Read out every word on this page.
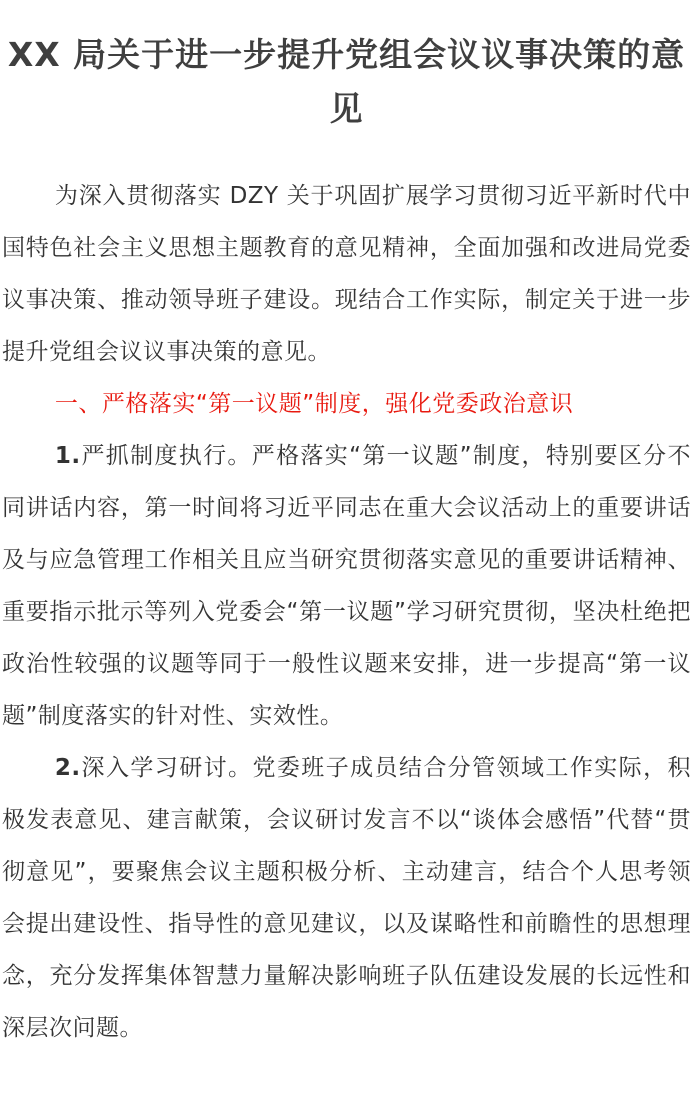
XX 局关于进一步提升党组会议议事决策的意见

为深入贯彻落实 DZY 关于巩固扩展学习贯彻习近平新时代中国特色社会主义思想主题教育的意见精神，全面加强和改进局党委议事决策、推动领导班子建设。现结合工作实际，制定关于进一步提升党组会议议事决策的意见。

一、严格落实“第一议题”制度，强化党委政治意识

1.严抓制度执行。严格落实“第一议题”制度，特别要区分不同讲话内容，第一时间将习近平同志在重大会议活动上的重要讲话及与应急管理工作相关且应当研究贯彻落实意见的重要讲话精神、重要指示批示等列入党委会“第一议题”学习研究贯彻，坚决杜绝把政治性较强的议题等同于一般性议题来安排，进一步提高“第一议题”制度落实的针对性、实效性。

2.深入学习研讨。党委班子成员结合分管领域工作实际，积极发表意见、建言献策，会议研讨发言不以“谈体会感悟”代替“贯彻意见”，要聚焦会议主题积极分析、主动建言，结合个人思考领会提出建设性、指导性的意见建议，以及谋略性和前瞻性的思想理念，充分发挥集体智慧力量解决影响班子队伍建设发展的长远性和深层次问题。
